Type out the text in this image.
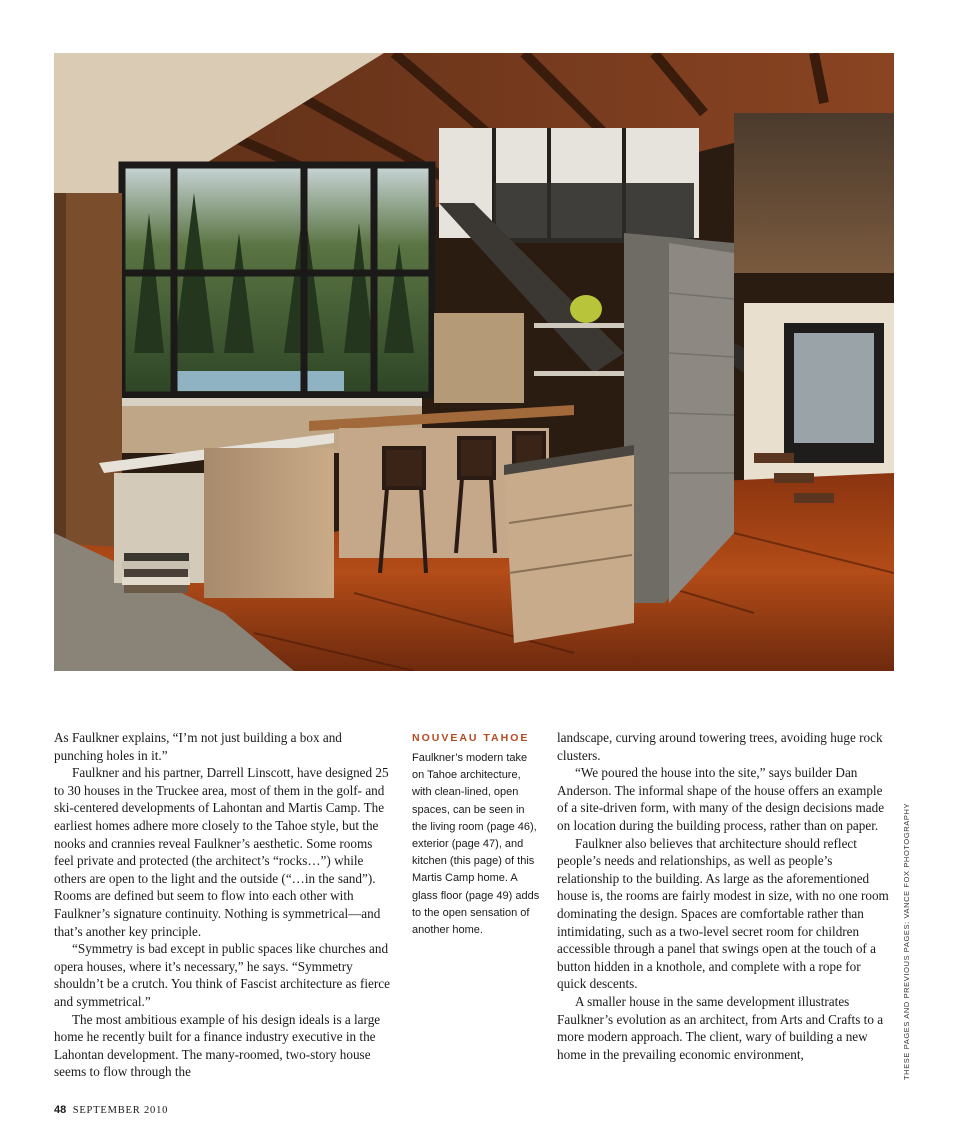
As Faulkner explains, “I’m not just building a box and punching holes in it.”

Faulkner and his partner, Darrell Linscott, have designed 25 to 30 houses in the Truckee area, most of them in the golf- and ski-centered developments of Lahontan and Martis Camp. The earliest homes adhere more closely to the Tahoe style, but the nooks and crannies reveal Faulkner’s aesthetic. Some rooms feel private and protected (the architect’s “rocks…”) while others are open to the light and the outside (“…in the sand”). Rooms are defined but seem to flow into each other with Faulkner’s signature continuity. Nothing is symmetrical—and that’s another key principle.

“Symmetry is bad except in public spaces like churches and opera houses, where it’s necessary,” he says. “Symmetry shouldn’t be a crutch. You think of Fascist architecture as fierce and symmetrical.”

The most ambitious example of his design ideals is a large home he recently built for a finance industry executive in the Lahontan development. The many-roomed, two-story house seems to flow through the

NOUVEAU TAHOE
Faulkner’s modern take on Tahoe architecture, with clean-lined, open spaces, can be seen in the living room (page 46), exterior (page 47), and kitchen (this page) of this Martis Camp home. A glass floor (page 49) adds to the open sensation of another home.

landscape, curving around towering trees, avoiding huge rock clusters.

“We poured the house into the site,” says builder Dan Anderson. The informal shape of the house offers an example of a site-driven form, with many of the design decisions made on location during the building process, rather than on paper.

Faulkner also believes that architecture should reflect people’s needs and relationships, as well as people’s relationship to the building. As large as the aforementioned house is, the rooms are fairly modest in size, with no one room dominating the design. Spaces are comfortable rather than intimidating, such as a two-level secret room for children accessible through a panel that swings open at the touch of a button hidden in a knothole, and complete with a rope for quick descents.

A smaller house in the same development illustrates Faulkner’s evolution as an architect, from Arts and Crafts to a more modern approach. The client, wary of building a new home in the prevailing economic environment,	THESE PAGES AND PREVIOUS PAGES: VANCE FOX PHOTOGRAPHY
48 SEPTEMBER 2010
